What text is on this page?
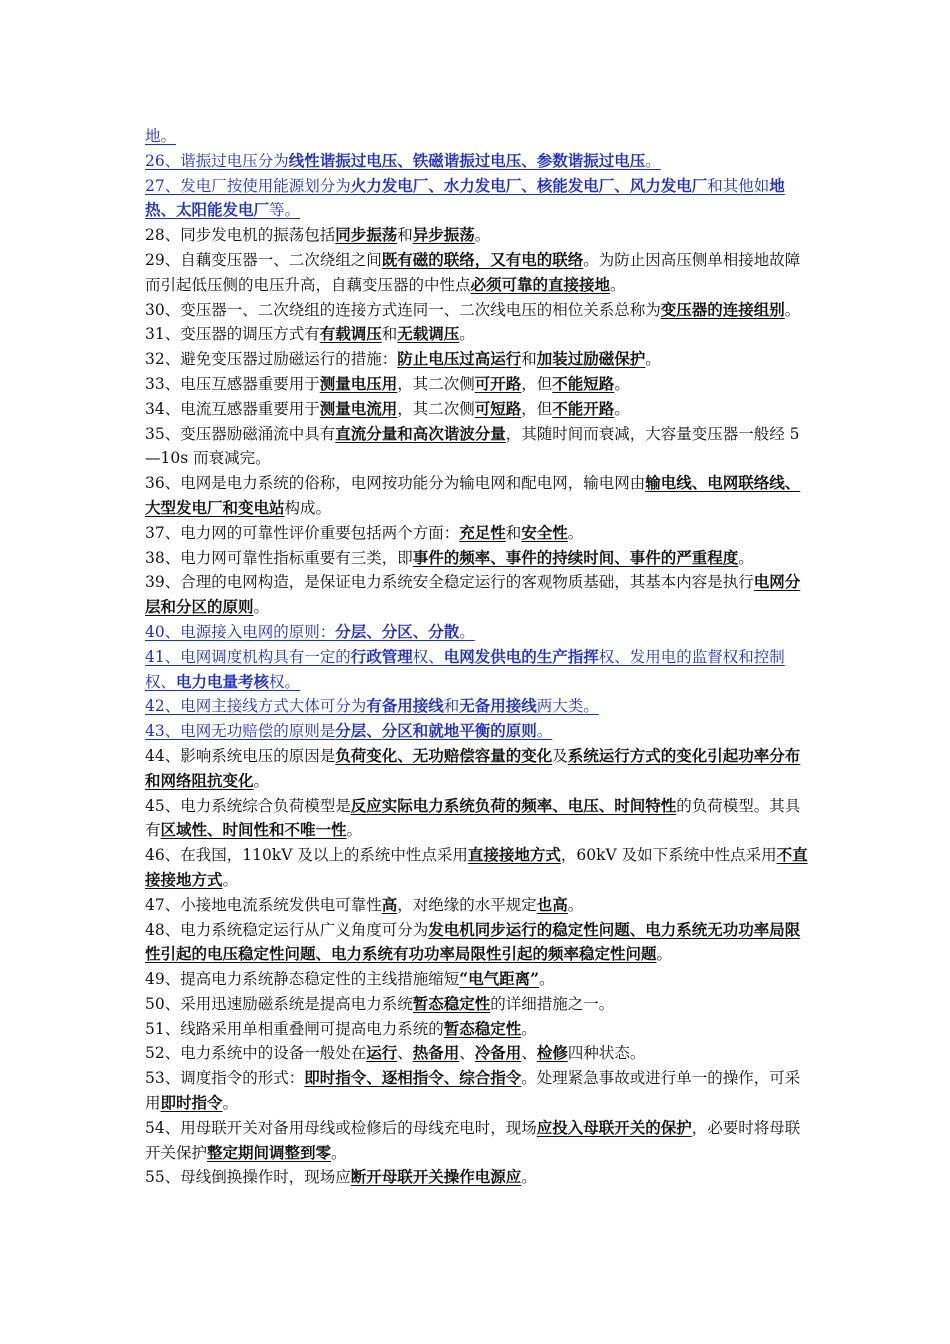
地。

26、谐振过电压分为线性谐振过电压、铁磁谐振过电压、参数谐振过电压。

27、发电厂按使用能源划分为火力发电厂、水力发电厂、核能发电厂、风力发电厂和其他如地热、太阳能发电厂等。

28、同步发电机的振荡包括同步振荡和异步振荡。

29、自藕变压器一、二次绕组之间既有磁的联络，又有电的联络。为防止因高压侧单相接地故障而引起低压侧的电压升高，自藕变压器的中性点必须可靠的直接接地。

30、变压器一、二次绕组的连接方式连同一、二次线电压的相位关系总称为变压器的连接组别。

31、变压器的调压方式有有载调压和无载调压。

32、避免变压器过励磁运行的措施：防止电压过高运行和加装过励磁保护。

33、电压互感器重要用于测量电压用，其二次侧可开路，但不能短路。

34、电流互感器重要用于测量电流用，其二次侧可短路，但不能开路。

35、变压器励磁涌流中具有直流分量和高次谐波分量，其随时间而衰减，大容量变压器一般经 5—10s 而衰减完。

36、电网是电力系统的俗称，电网按功能分为输电网和配电网，输电网由输电线、电网联络线、大型发电厂和变电站构成。

37、电力网的可靠性评价重要包括两个方面：充足性和安全性。

38、电力网可靠性指标重要有三类，即事件的频率、事件的持续时间、事件的严重程度。

39、合理的电网构造，是保证电力系统安全稳定运行的客观物质基础，其基本内容是执行电网分层和分区的原则。

40、电源接入电网的原则：分层、分区、分散。

41、电网调度机构具有一定的行政管理权、电网发供电的生产指挥权、发用电的监督权和控制权、电力电量考核权。

42、电网主接线方式大体可分为有备用接线和无备用接线两大类。

43、电网无功赔偿的原则是分层、分区和就地平衡的原则。

44、影响系统电压的原因是负荷变化、无功赔偿容量的变化及系统运行方式的变化引起功率分布和网络阻抗变化。

45、电力系统综合负荷模型是反应实际电力系统负荷的频率、电压、时间特性的负荷模型。其具有区域性、时间性和不唯一性。

46、在我国，110kV 及以上的系统中性点采用直接接地方式，60kV 及如下系统中性点采用不直接接地方式。

47、小接地电流系统发供电可靠性高，对绝缘的水平规定也高。

48、电力系统稳定运行从广义角度可分为发电机同步运行的稳定性问题、电力系统无功功率局限性引起的电压稳定性问题、电力系统有功功率局限性引起的频率稳定性问题。

49、提高电力系统静态稳定性的主线措施缩短“电气距离”。

50、采用迅速励磁系统是提高电力系统暂态稳定性的详细措施之一。

51、线路采用单相重叠闸可提高电力系统的暂态稳定性。

52、电力系统中的设备一般处在运行、热备用、冷备用、检修四种状态。

53、调度指令的形式：即时指令、逐相指令、综合指令。处理紧急事故或进行单一的操作，可采用即时指令。

54、用母联开关对备用母线或检修后的母线充电时，现场应投入母联开关的保护，必要时将母联开关保护整定期间调整到零。

55、母线倒换操作时，现场应断开母联开关操作电源应。
